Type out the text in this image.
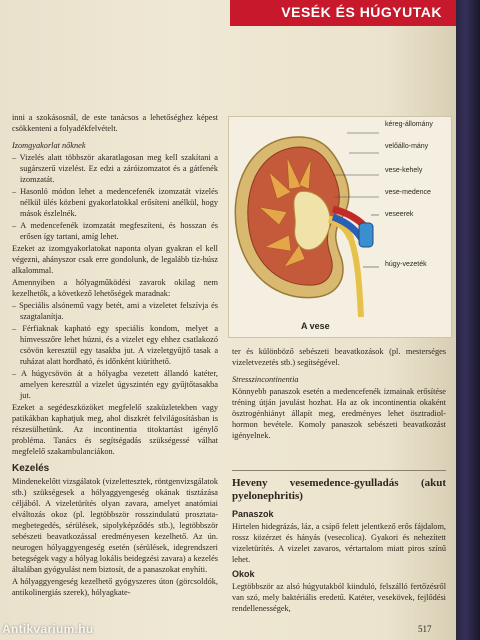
VESÉK ÉS HÚGYUTAK

inni a szokásosnál, de este tanácsos a lehetőséghez képest csökkenteni a folyadékfelvételt.

Izomgyakorlat nőknek

– Vizelés alatt többször akaratlagosan meg kell szakítani a sugárszerű vizelést. Ez edzi a záróizomzatot és a gátfenék izomzatát.

– Hasonló módon lehet a medencefenék izomzatát vizelés nélkül ülés közbeni gyakorlatokkal erősíteni anélkül, hogy mások észlelnék.

– A medencefenék izomzatát megfeszíteni, és hosszan és erősen így tartani, amíg lehet.

Ezeket az izomgyakorlatokat naponta olyan gyakran el kell végezni, ahányszor csak erre gondolunk, de legalább tíz-húsz alkalommal.

Amennyiben a hólyagműködési zavarok okilag nem kezelhetők, a következő lehetőségek maradnak:

– Speciális alsónemű vagy betét, ami a vizeletet felszívja és szagtalanítja.

– Férfiaknak kapható egy speciális kondom, melyet a hímvesszőre lehet húzni, és a vizelet egy ehhez csatlakozó csövön keresztül egy tasakba jut. A vizeletgyűjtő tasak a ruházat alatt hordható, és időnként kiüríthető.

– A húgycsövön át a hólyagba vezetett állandó katéter, amelyen keresztül a vizelet úgyszintén egy gyűjtőtasakba jut.

Ezeket a segédeszközöket megfelelő szaküzletekben vagy patikákban kaphatjuk meg, ahol diszkrét felvilágosításban is részesülhetünk. Az incontinentia titoktartást igénylő probléma. Tanács és segítségadás szükségessé válhat megfelelő szakambulanciákon.

Kezelés

Mindenekelőtt vizsgálatok (vizelettesztek, röntgenvizsgálatok stb.) szükségesek a hólyaggyengeség okának tisztázása céljából. A vizeletürítés olyan zavara, amelyet anatómiai elváltozás okoz (pl. legtöbbször rosszindulatú prosztata-megbetegedés, sérülések, sipolyképződés stb.), legtöbbször sebészeti beavatkozással eredményesen kezelhető. Az ún. neurogen hólyaggyengeség esetén (sérülések, idegrendszeri betegségek vagy a hólyag lokális beidegzési zavara) a kezelés általában gyógyulást nem biztosít, de a panaszokat enyhíti.

A hólyaggyengeség kezelhető gyógyszeres úton (görcsoldók, antikolinergiás szerek), hólyagkate-

kéreg-állomány
velőállo-mány
vese-kehely
vese-medence
veseerek
húgy-vezeték
A vese

ter és különböző sebészeti beavatkozások (pl. mesterséges vizeletvezetés stb.) segítségével.

Stresszincontinentia

Könnyebb panaszok esetén a medencefenék izmainak erősítése tréning útján javulást hozhat. Ha az ok incontinentia okaként ösztrogénhiányt állapít meg, eredményes lehet ösztradiol-hormon bevétele. Komoly panaszok sebészeti beavatkozást igényelnek.

Heveny vesemedence-gyulladás (akut pyelonephritis)
Panaszok

Hirtelen hidegrázás, láz, a csípő felett jelentkező erős fájdalom, rossz közérzet és hányás (vesecolica). Gyakori és nehezített vizeletürítés. A vizelet zavaros, vértartalom miatt piros színű lehet.

Okok

Legtöbbször az alsó húgyutakból kiinduló, felszálló fertőzésről van szó, mely baktériális eredetű. Katéter, vesekövek, fejlődési rendellenességek,

517
Antikvarium.hu
